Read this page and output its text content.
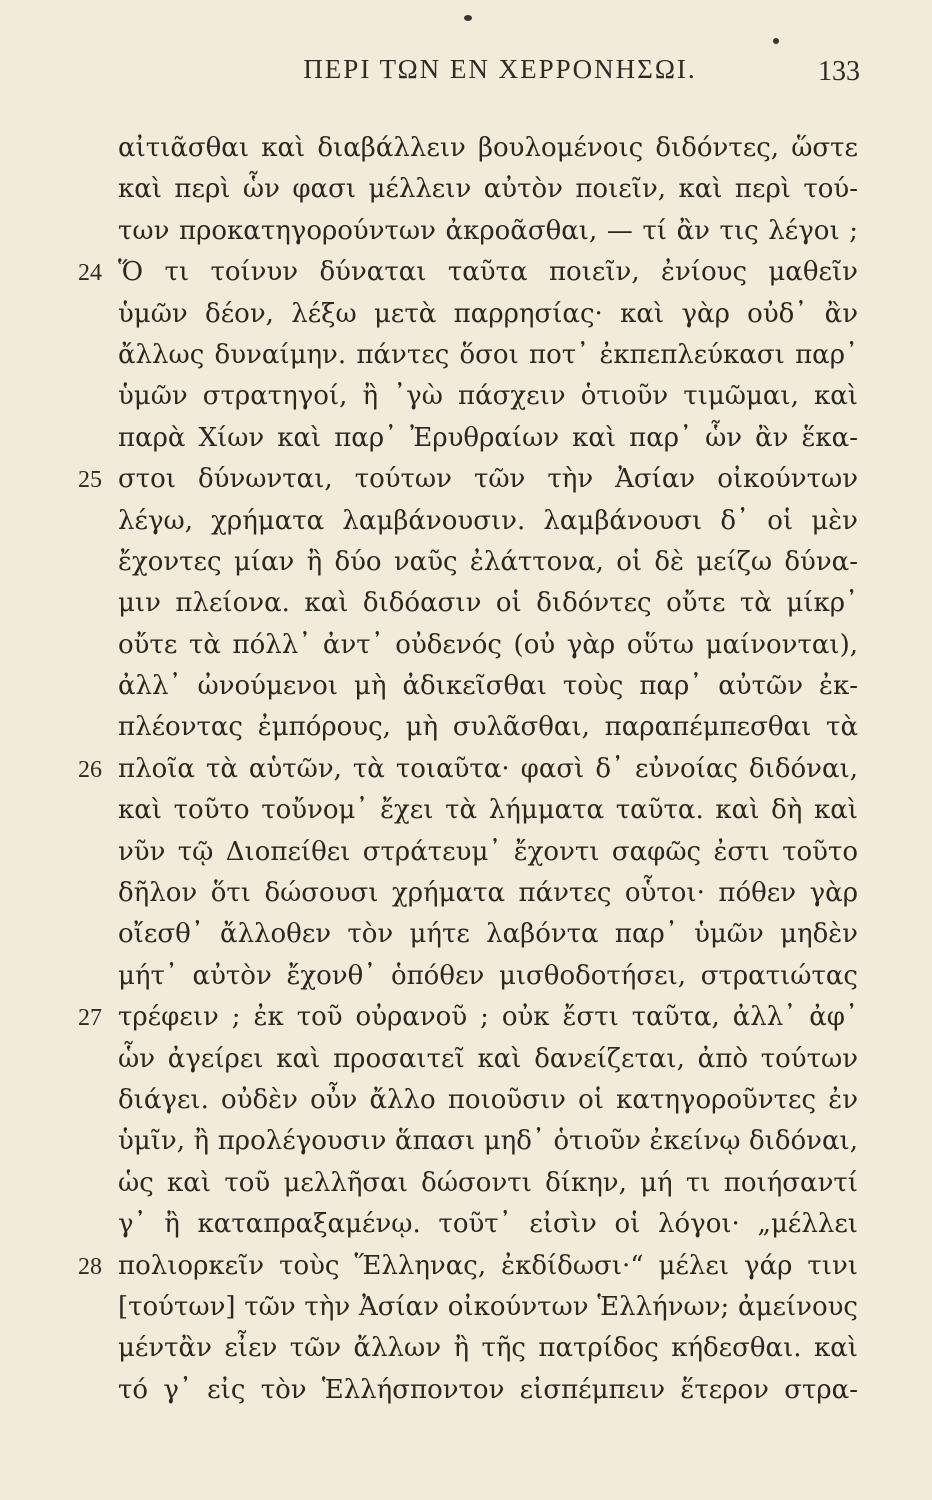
ΠΕΡΙ ΤΩΝ ΕΝ ΧΕΡΡΟΝΗΣΩΙ.	133
24
25
26
27
28
αἰτιᾶσθαι καὶ διαβάλλειν βουλομένοις διδόντες, ὥστε
καὶ περὶ ὧν φασι μέλλειν αὐτὸν ποιεῖν, καὶ περὶ τού-
των προκατηγορούντων ἀκροᾶσθαι, — τί ἂν τις λέγοι ;
Ὅ τι τοίνυν δύναται ταῦτα ποιεῖν, ἐνίους μαθεῖν
ὑμῶν δέον, λέξω μετὰ παρρησίας· καὶ γὰρ οὐδ᾿ ἂν
ἄλλως δυναίμην. πάντες ὅσοι ποτ᾿ ἐκπεπλεύκασι παρ᾿
ὑμῶν στρατηγοί, ἢ ᾿γὼ πάσχειν ὁτιοῦν τιμῶμαι, καὶ
παρὰ Χίων καὶ παρ᾿ Ἐρυθραίων καὶ παρ᾿ ὧν ἂν ἕκα-
στοι δύνωνται, τούτων τῶν τὴν Ἀσίαν οἰκούντων
λέγω, χρήματα λαμβάνουσιν. λαμβάνουσι δ᾿ οἱ μὲν
ἔχοντες μίαν ἢ δύο ναῦς ἐλάττονα, οἱ δὲ μείζω δύνα-
μιν πλείονα. καὶ διδόασιν οἱ διδόντες οὔτε τὰ μίκρ᾿
οὔτε τὰ πόλλ᾿ ἀντ᾿ οὐδενός (οὐ γὰρ οὕτω μαίνονται),
ἀλλ᾿ ὠνούμενοι μὴ ἀδικεῖσθαι τοὺς παρ᾿ αὐτῶν ἐκ-
πλέοντας ἐμπόρους, μὴ συλᾶσθαι, παραπέμπεσθαι τὰ
πλοῖα τὰ αὑτῶν, τὰ τοιαῦτα· φασὶ δ᾿ εὐνοίας διδόναι,
καὶ τοῦτο τοὔνομ᾿ ἔχει τὰ λήμματα ταῦτα. καὶ δὴ καὶ
νῦν τῷ Διοπείθει στράτευμ᾿ ἔχοντι σαφῶς ἐστι τοῦτο
δῆλον ὅτι δώσουσι χρήματα πάντες οὗτοι· πόθεν γὰρ
οἴεσθ᾿ ἄλλοθεν τὸν μήτε λαβόντα παρ᾿ ὑμῶν μηδὲν
μήτ᾿ αὐτὸν ἔχονθ᾿ ὁπόθεν μισθοδοτήσει, στρατιώτας
τρέφειν ; ἐκ τοῦ οὐρανοῦ ; οὐκ ἔστι ταῦτα, ἀλλ᾿ ἀφ᾿
ὧν ἀγείρει καὶ προσαιτεῖ καὶ δανείζεται, ἀπὸ τούτων
διάγει. οὐδὲν οὖν ἄλλο ποιοῦσιν οἱ κατηγοροῦντες ἐν
ὑμῖν, ἢ προλέγουσιν ἅπασι μηδ᾿ ὁτιοῦν ἐκείνῳ διδόναι,
ὡς καὶ τοῦ μελλῆσαι δώσοντι δίκην, μή τι ποιήσαντί
γ᾿ ἢ καταπραξαμένῳ. τοῦτ᾿ εἰσὶν οἱ λόγοι· „μέλλει
πολιορκεῖν τοὺς Ἕλληνας, ἐκδίδωσι·“ μέλει γάρ τινι
[τούτων] τῶν τὴν Ἀσίαν οἰκούντων Ἑλλήνων; ἀμείνους
μέντἂν εἶεν τῶν ἄλλων ἢ τῆς πατρίδος κήδεσθαι. καὶ
τό γ᾿ εἰς τὸν Ἑλλήσποντον εἰσπέμπειν ἕτερον στρα-
